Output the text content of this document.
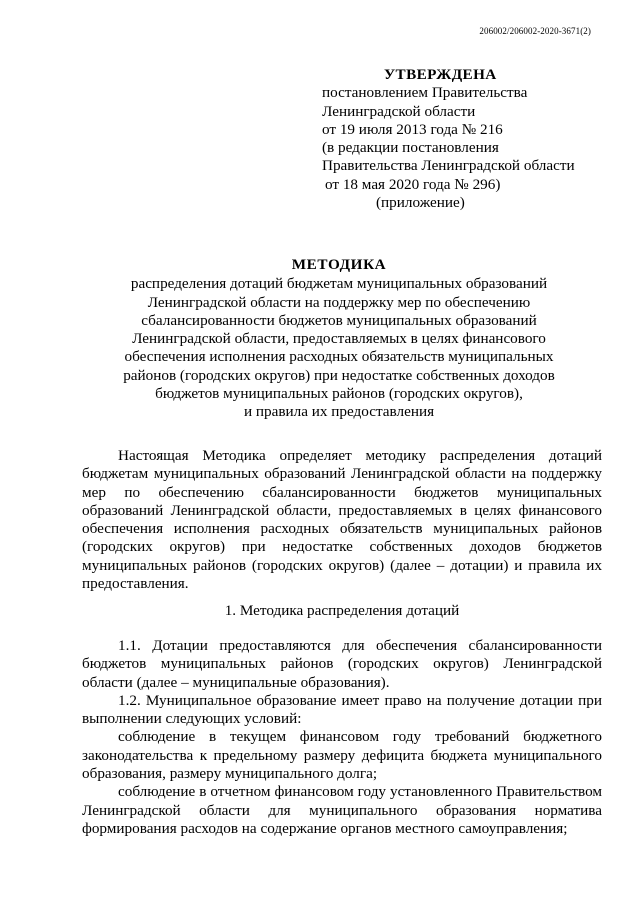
206002/206002-2020-3671(2)
УТВЕРЖДЕНА
постановлением Правительства
Ленинградской области
от 19 июля 2013 года № 216
(в редакции постановления
Правительства Ленинградской области
от 18 мая 2020 года № 296)
(приложение)
МЕТОДИКА
распределения дотаций бюджетам муниципальных образований
Ленинградской области на поддержку мер по обеспечению
сбалансированности бюджетов муниципальных образований
Ленинградской области, предоставляемых в целях финансового
обеспечения исполнения расходных обязательств муниципальных
районов (городских округов) при недостатке собственных доходов
бюджетов муниципальных районов (городских округов),
и правила их предоставления

Настоящая Методика определяет методику распределения дотаций бюджетам муниципальных образований Ленинградской области на поддержку мер по обеспечению сбалансированности бюджетов муниципальных образований Ленинградской области, предоставляемых в целях финансового обеспечения исполнения расходных обязательств муниципальных районов (городских округов) при недостатке собственных доходов бюджетов муниципальных районов (городских округов) (далее – дотации) и правила их предоставления.

1. Методика распределения дотаций

1.1. Дотации предоставляются для обеспечения сбалансированности бюджетов муниципальных районов (городских округов) Ленинградской области (далее – муниципальные образования).

1.2. Муниципальное образование имеет право на получение дотации при выполнении следующих условий:

соблюдение в текущем финансовом году требований бюджетного законодательства к предельному размеру дефицита бюджета муниципального образования, размеру муниципального долга;

соблюдение в отчетном финансовом году установленного Правительством Ленинградской области для муниципального образования норматива формирования расходов на содержание органов местного самоуправления;
